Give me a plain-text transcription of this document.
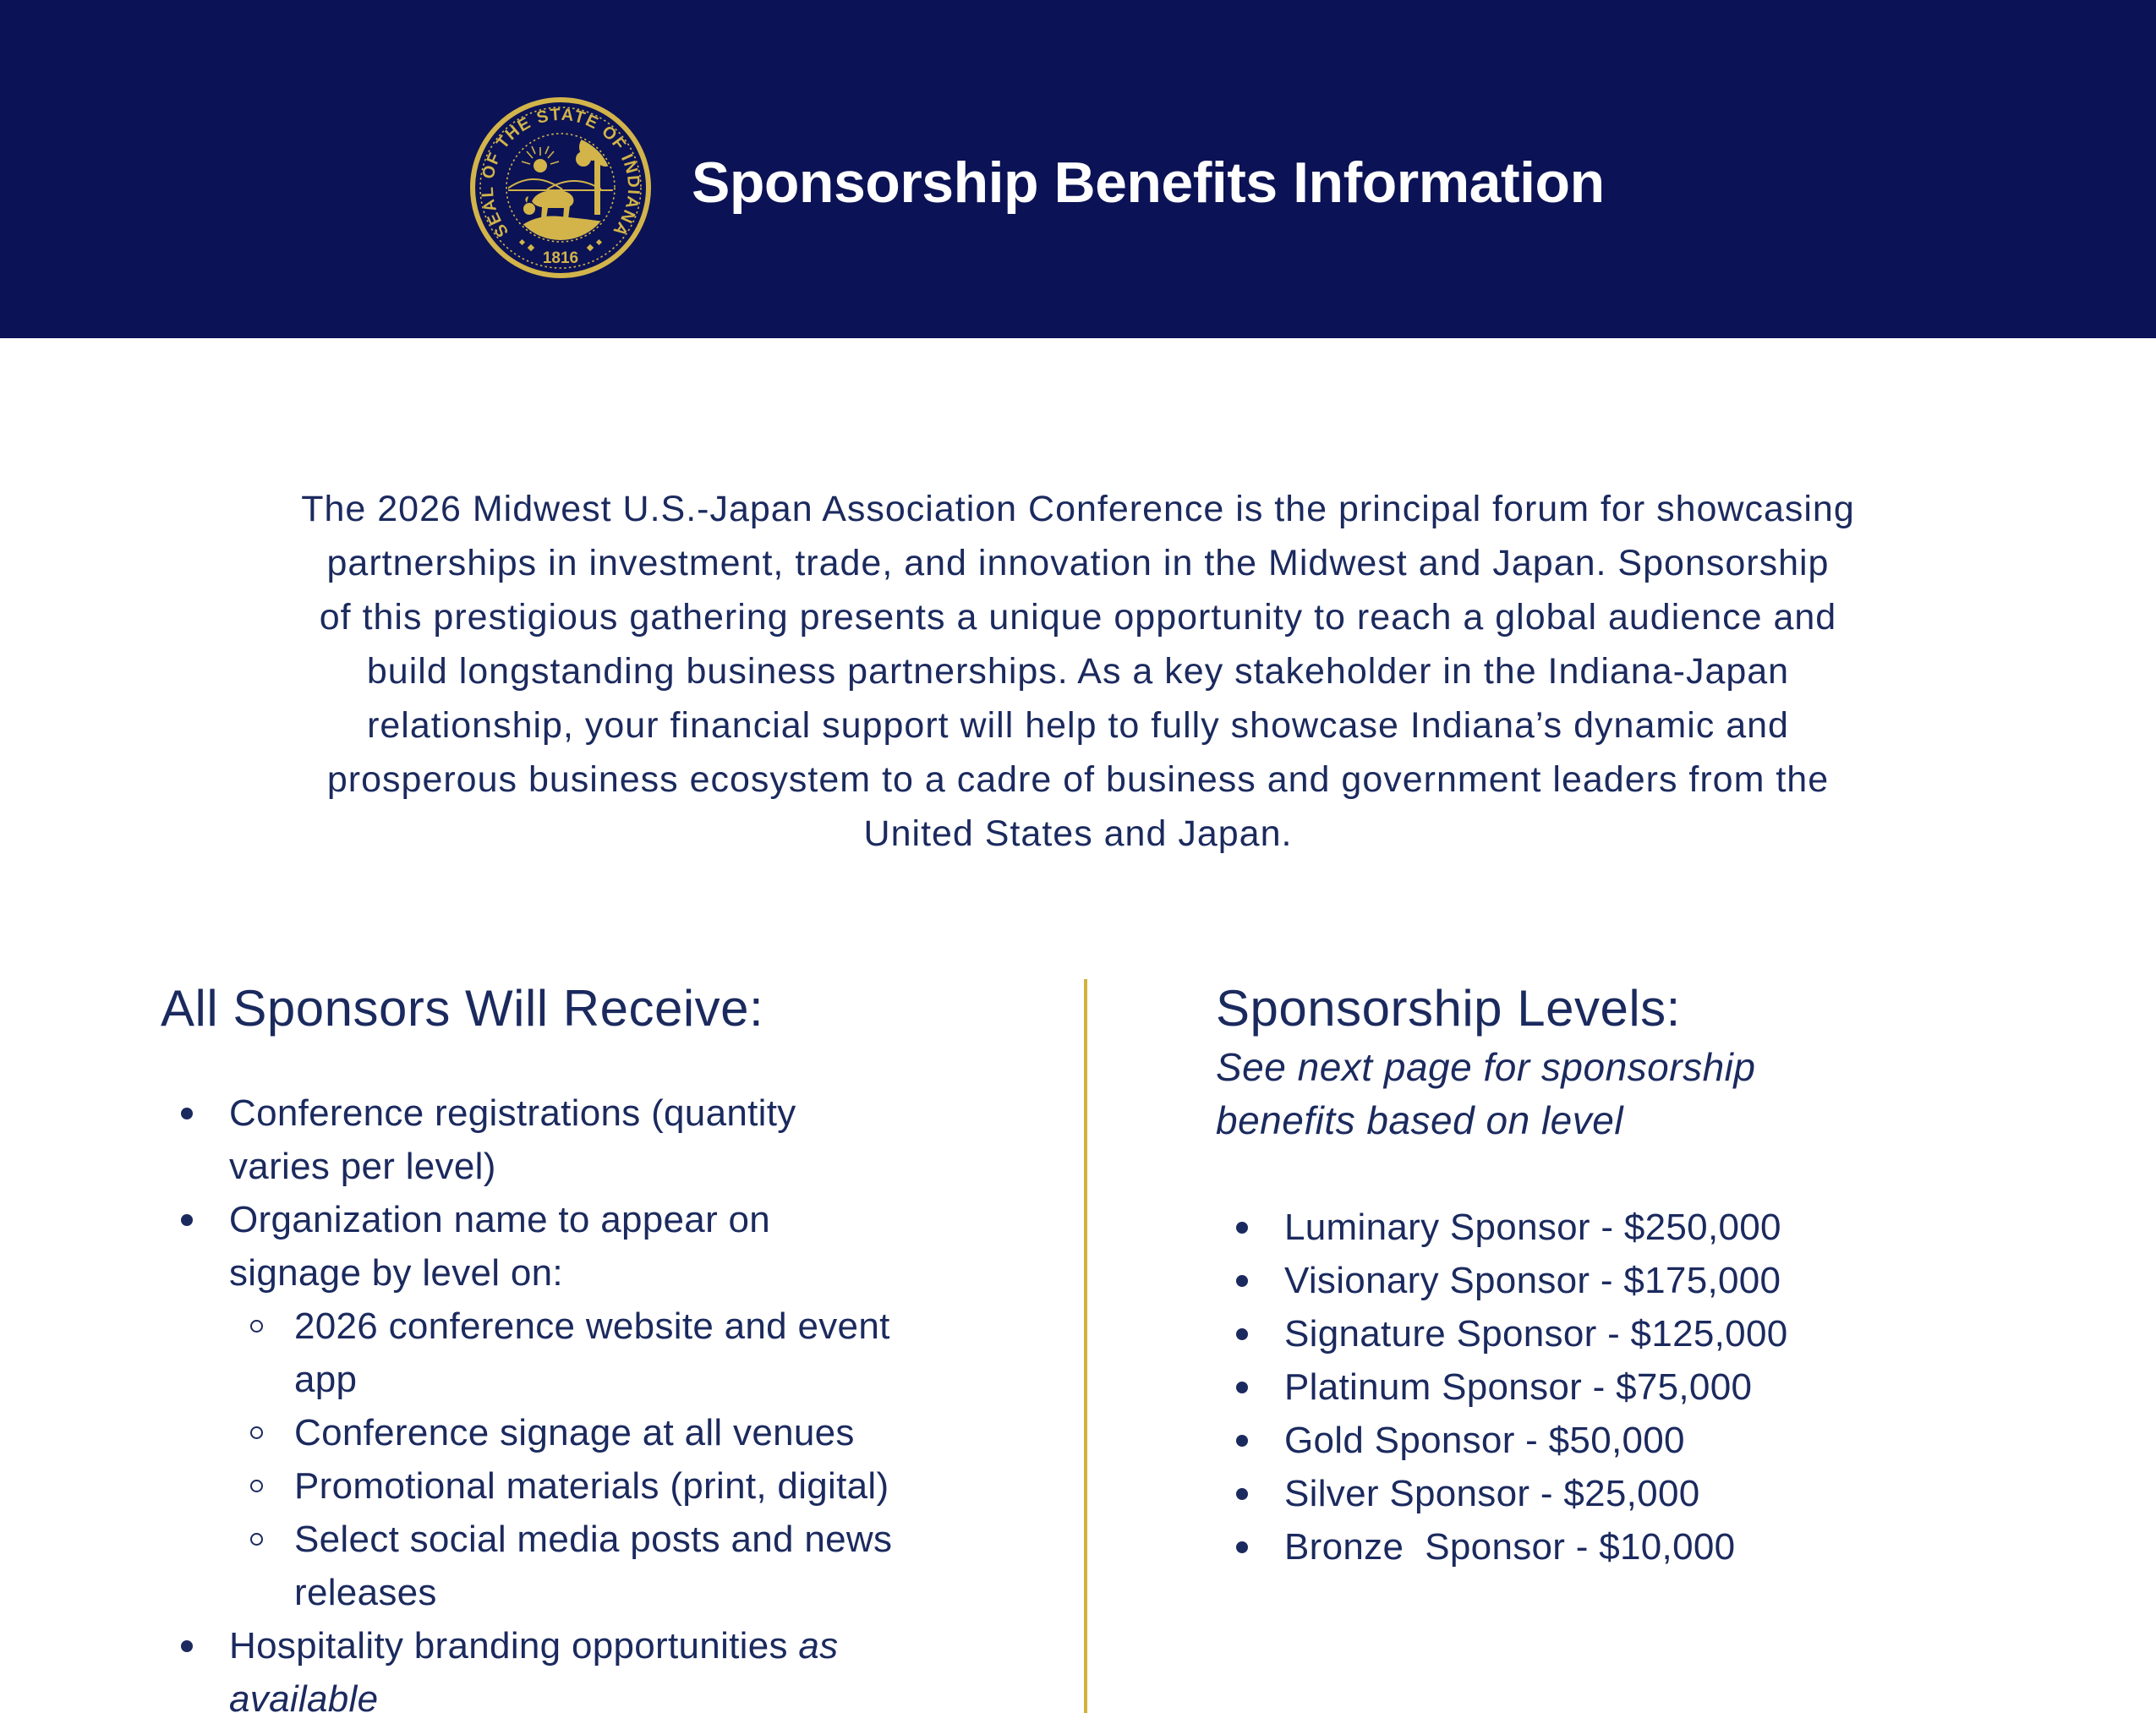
SEAL OF THE STATE OF INDIANA
1816
Sponsorship Benefits Information
The 2026 Midwest U.S.-Japan Association Conference is the principal forum for showcasing
partnerships in investment, trade, and innovation in the Midwest and Japan. Sponsorship
of this prestigious gathering presents a unique opportunity to reach a global audience and
build longstanding business partnerships. As a key stakeholder in the Indiana-Japan
relationship, your financial support will help to fully showcase Indiana’s dynamic and
prosperous business ecosystem to a cadre of business and government leaders from the
United States and Japan.
All Sponsors Will Receive:
Conference registrations (quantity
varies per level)
Organization name to appear on
signage by level on:
2026 conference website and event
app
Conference signage at all venues
Promotional materials (print, digital)
Select social media posts and news
releases
Hospitality branding opportunities as
available
Sponsorship Levels:
See next page for sponsorship
benefits based on level
Luminary Sponsor - $250,000
Visionary Sponsor - $175,000
Signature Sponsor - $125,000
Platinum Sponsor - $75,000
Gold Sponsor - $50,000
Silver Sponsor - $25,000
Bronze  Sponsor - $10,000
